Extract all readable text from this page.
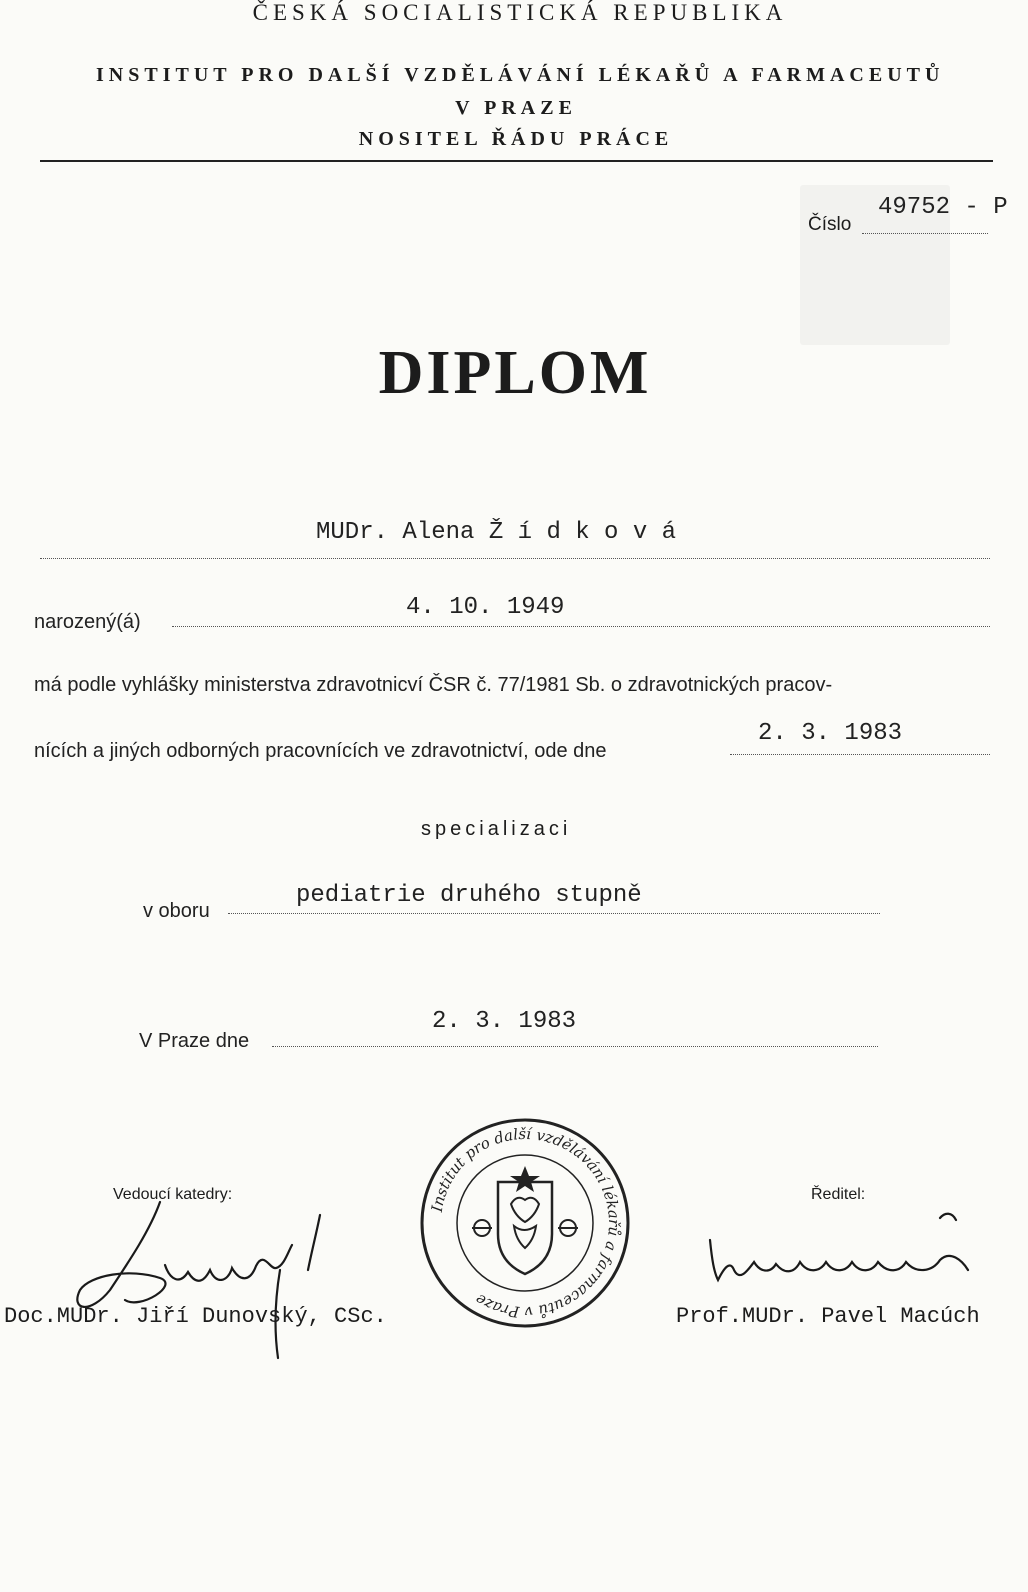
ČESKÁ SOCIALISTICKÁ REPUBLIKA
INSTITUT PRO DALŠÍ VZDĚLÁVÁNÍ LÉKAŘŮ A FARMACEUTŮ
V PRAZE
NOSITEL ŘÁDU PRÁCE
Číslo
49752 - P
DIPLOM
MUDr. Alena Ž í d k o v á
narozený(á)
4. 10. 1949
má podle vyhlášky ministerstva zdravotnicví ČSR č. 77/1981 Sb. o zdravotnických pracov-
nících a jiných odborných pracovnících ve zdravotnictví, ode dne
2. 3. 1983
specializaci
v oboru
pediatrie druhého stupně
V Praze dne
2. 3. 1983
Institut pro další vzdělávání lékařů a farmaceutů v Praze
Vedoucí katedry:	Ředitel:
Doc.MUDr. Jiří Dunovský, CSc.	Prof.MUDr. Pavel Macúch
